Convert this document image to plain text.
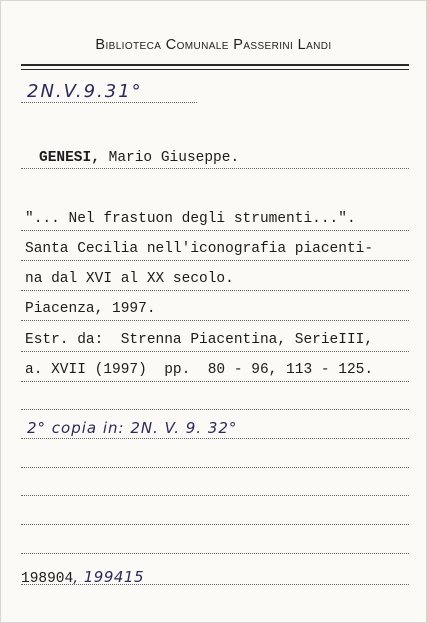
Biblioteca Comunale Passerini Landi
2N.V.9.31°
GENESI, Mario Giuseppe.
"... Nel frastuon degli strumenti...".
Santa Cecilia nell'iconografia piacenti-
na dal XVI al XX secolo.
Piacenza, 1997.
Estr. da:  Strenna Piacentina, SerieIII,
a. XVII (1997)  pp.  80 - 96, 113 - 125.
2° copia in: 2N. V. 9. 32°
198904, 199415
